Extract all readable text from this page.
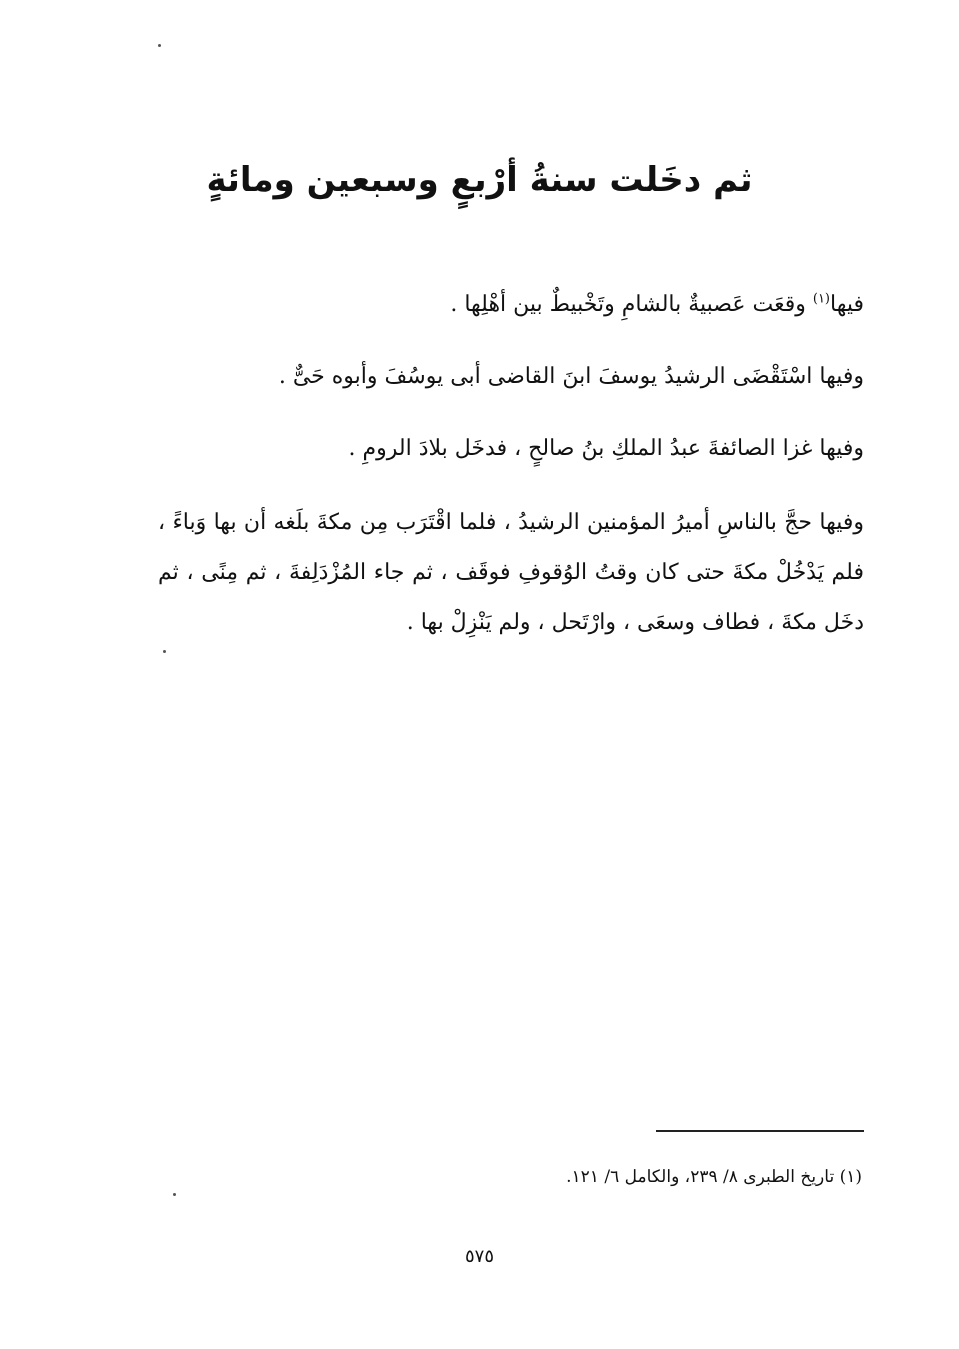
ثم دخَلت سنةُ أرْبعٍ وسبعين ومائةٍ

فيها$^{(١)}$ وقعَت عَصبيةٌ بالشامِ وتَخْبيطٌ بين أهْلِها .

وفيها اسْتَقْضَى الرشيدُ يوسفَ ابنَ القاضى أبى يوسُفَ وأبوه حَىٌّ .

وفيها غزا الصائفةَ عبدُ الملكِ بنُ صالحٍ ، فدخَل بلادَ الرومِ .

وفيها حجَّ بالناسِ أميرُ المؤمنين الرشيدُ ، فلما اقْتَرَب مِن مكةَ بلَغه أن بها وَباءً ، فلم يَدْخُلْ مكةَ حتى كان وقتُ الوُقوفِ فوقَف ، ثم جاء المُزْدَلِفةَ ، ثم مِنًى ، ثم دخَل مكةَ ، فطاف وسعَى ، وارْتَحل ، ولم يَنْزِلْ بها .

(١) تاريخ الطبرى ٨/ ٢٣٩، والكامل ٦/ ١٢١.
٥٧٥
